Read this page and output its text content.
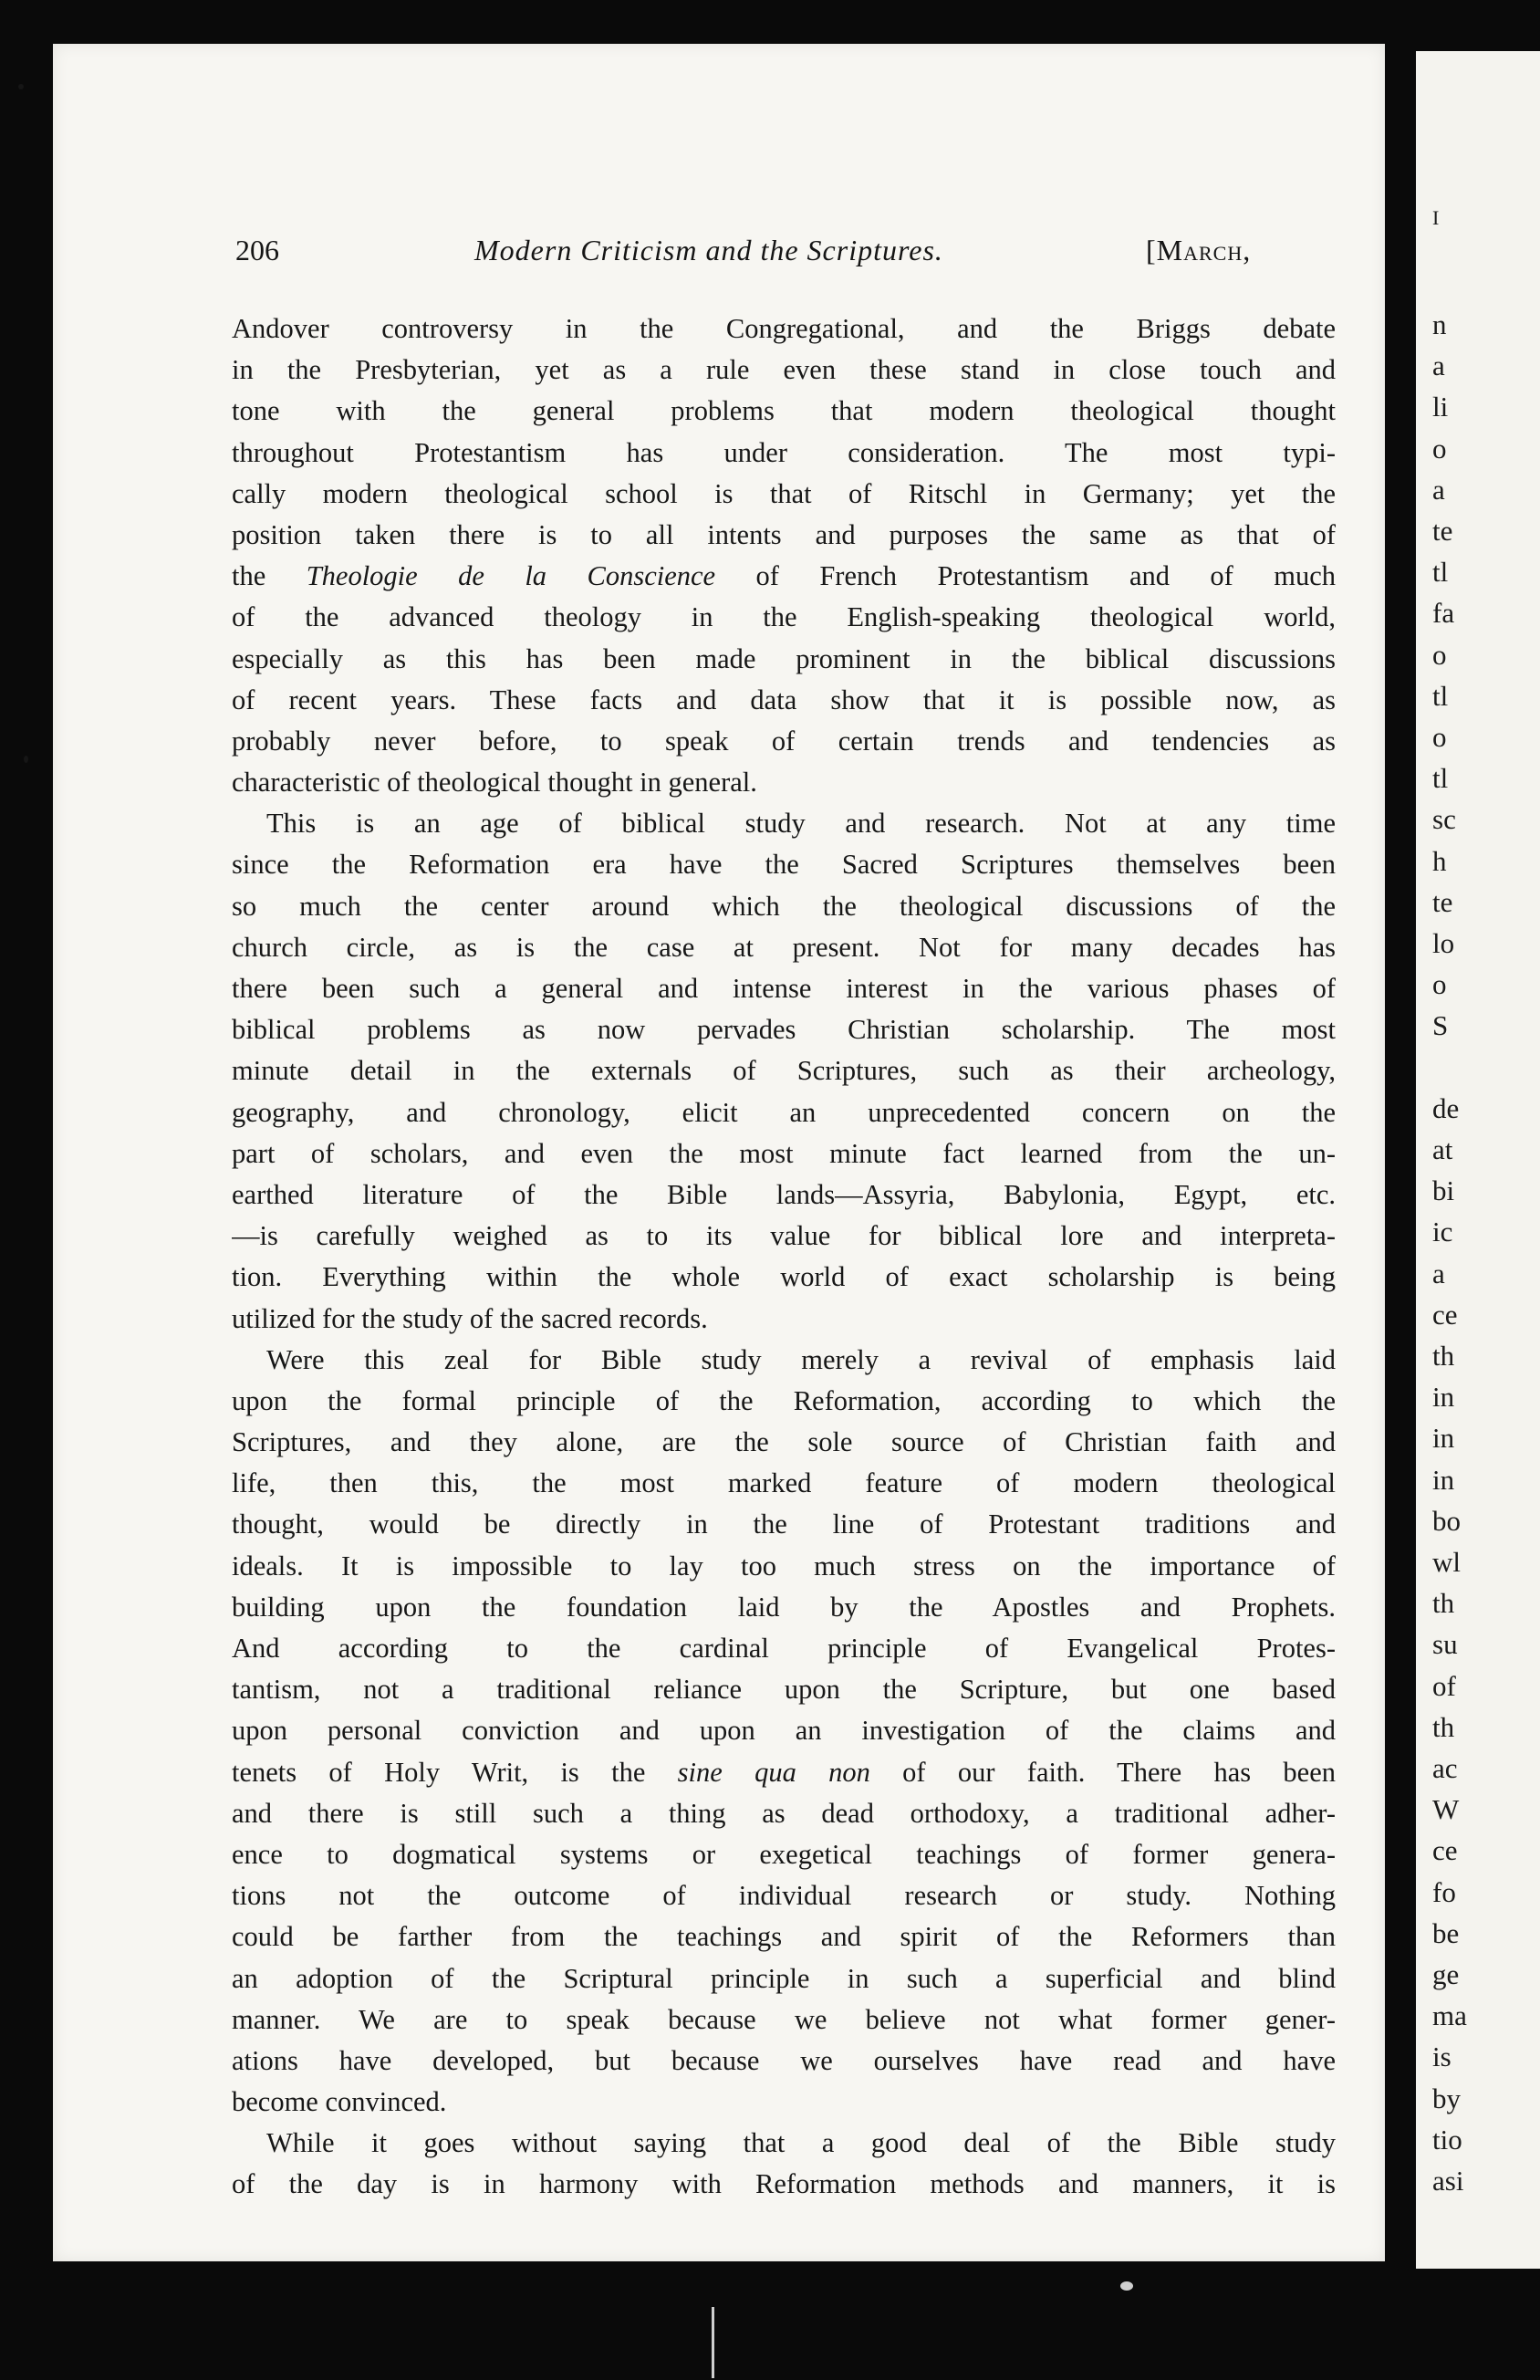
206	Modern Criticism and the Scriptures.	[March,
Andover controversy in the Congregational, and the Briggs debate
in the Presbyterian, yet as a rule even these stand in close touch and
tone with the general problems that modern theological thought
throughout Protestantism has under consideration. The most typi-
cally modern theological school is that of Ritschl in Germany; yet the
position taken there is to all intents and purposes the same as that of
the Theologie de la Conscience of French Protestantism and of much
of the advanced theology in the English-speaking theological world,
especially as this has been made prominent in the biblical discussions
of recent years. These facts and data show that it is possible now, as
probably never before, to speak of certain trends and tendencies as
characteristic of theological thought in general.
This is an age of biblical study and research. Not at any time
since the Reformation era have the Sacred Scriptures themselves been
so much the center around which the theological discussions of the
church circle, as is the case at present. Not for many decades has
there been such a general and intense interest in the various phases of
biblical problems as now pervades Christian scholarship. The most
minute detail in the externals of Scriptures, such as their archeology,
geography, and chronology, elicit an unprecedented concern on the
part of scholars, and even the most minute fact learned from the un-
earthed literature of the Bible lands—Assyria, Babylonia, Egypt, etc.
—is carefully weighed as to its value for biblical lore and interpreta-
tion. Everything within the whole world of exact scholarship is being
utilized for the study of the sacred records.
Were this zeal for Bible study merely a revival of emphasis laid
upon the formal principle of the Reformation, according to which the
Scriptures, and they alone, are the sole source of Christian faith and
life, then this, the most marked feature of modern theological
thought, would be directly in the line of Protestant traditions and
ideals. It is impossible to lay too much stress on the importance of
building upon the foundation laid by the Apostles and Prophets.
And according to the cardinal principle of Evangelical Protes-
tantism, not a traditional reliance upon the Scripture, but one based
upon personal conviction and upon an investigation of the claims and
tenets of Holy Writ, is the sine qua non of our faith. There has been
and there is still such a thing as dead orthodoxy, a traditional adher-
ence to dogmatical systems or exegetical teachings of former genera-
tions not the outcome of individual research or study. Nothing
could be farther from the teachings and spirit of the Reformers than
an adoption of the Scriptural principle in such a superficial and blind
manner. We are to speak because we believe not what former gener-
ations have developed, but because we ourselves have read and have
become convinced.
While it goes without saying that a good deal of the Bible study
of the day is in harmony with Reformation methods and manners, it is
I
n
a
li
o
a
te
tl
fa
o
tl
o
tl
sc
h
te
lo
o
S
de
at
bi
ic
a
ce
th
in
in
in
bo
wl
th
su
of
th
ac
W
ce
fo
be
ge
ma
is
by
tio
asi
